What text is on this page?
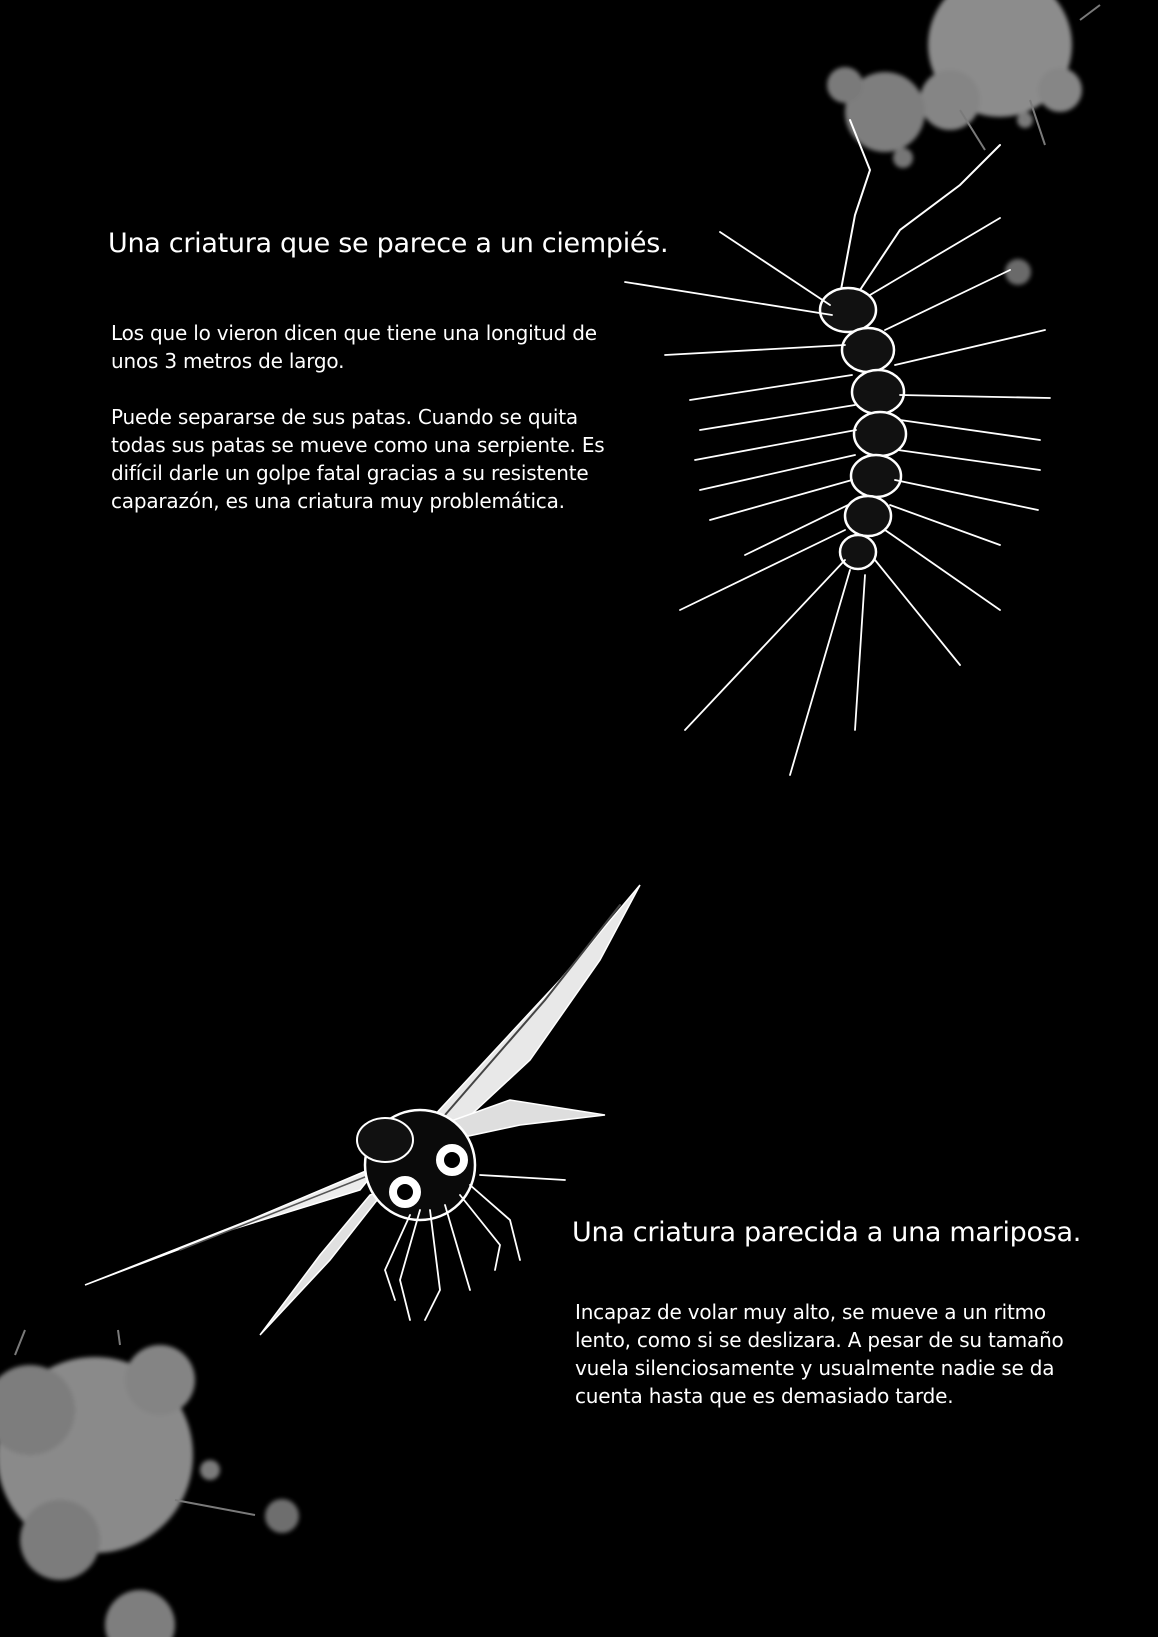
Una criatura que se parece a un ciempiés.

Los que lo vieron dicen que tiene una longitud de unos 3 metros de largo.

Puede separarse de sus patas. Cuando se quita todas sus patas se mueve como una serpiente. Es difícil darle un golpe fatal gracias a su resistente caparazón, es una criatura muy problemática.

Una criatura parecida a una mariposa.

Incapaz de volar muy alto, se mueve a un ritmo lento, como si se deslizara. A pesar de su tamaño vuela silenciosamente y usualmente nadie se da cuenta hasta que es demasiado tarde.
